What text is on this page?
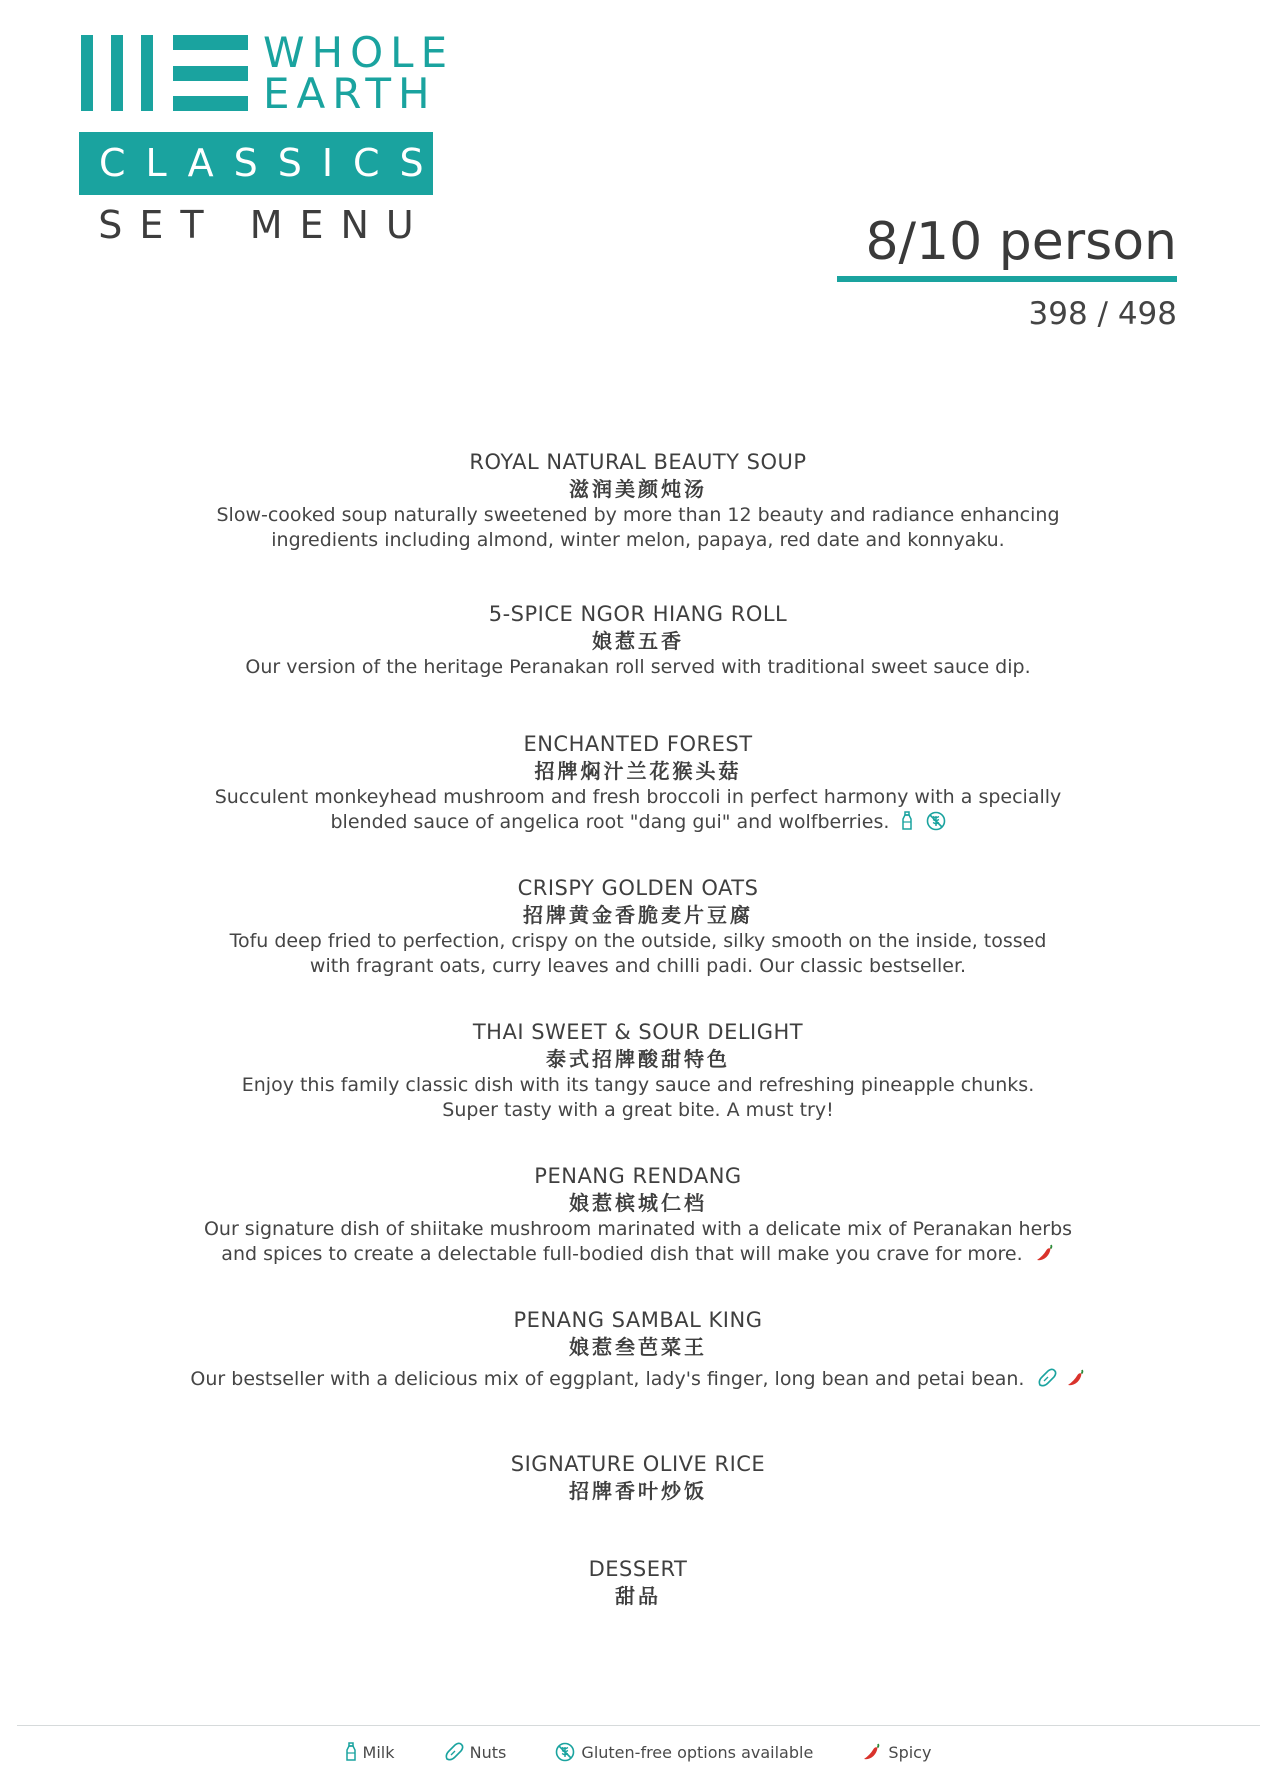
WHOLE
EARTH
CLASSICS
SET MENU	8/10 person
398 / 498
ROYAL NATURAL BEAUTY SOUP
滋润美颜炖汤
Slow-cooked soup naturally sweetened by more than 12 beauty and radiance enhancing
ingredients including almond, winter melon, papaya, red date and konnyaku.
5-SPICE NGOR HIANG ROLL
娘惹五香
Our version of the heritage Peranakan roll served with traditional sweet sauce dip.
ENCHANTED FOREST
招牌焖汁兰花猴头菇
Succulent monkeyhead mushroom and fresh broccoli in perfect harmony with a specially
blended sauce of angelica root "dang gui" and wolfberries.
CRISPY GOLDEN OATS
招牌黄金香脆麦片豆腐
Tofu deep fried to perfection, crispy on the outside, silky smooth on the inside, tossed
with fragrant oats, curry leaves and chilli padi. Our classic bestseller.
THAI SWEET & SOUR DELIGHT
泰式招牌酸甜特色
Enjoy this family classic dish with its tangy sauce and refreshing pineapple chunks.
Super tasty with a great bite. A must try!
PENANG RENDANG
娘惹槟城仁档
Our signature dish of shiitake mushroom marinated with a delicate mix of Peranakan herbs
and spices to create a delectable full-bodied dish that will make you crave for more.
PENANG SAMBAL KING
娘惹叁芭菜王
Our bestseller with a delicious mix of eggplant, lady's finger, long bean and petai bean.
SIGNATURE OLIVE RICE
招牌香叶炒饭
DESSERT
甜品
Milk	Nuts	Gluten-free options available	Spicy
